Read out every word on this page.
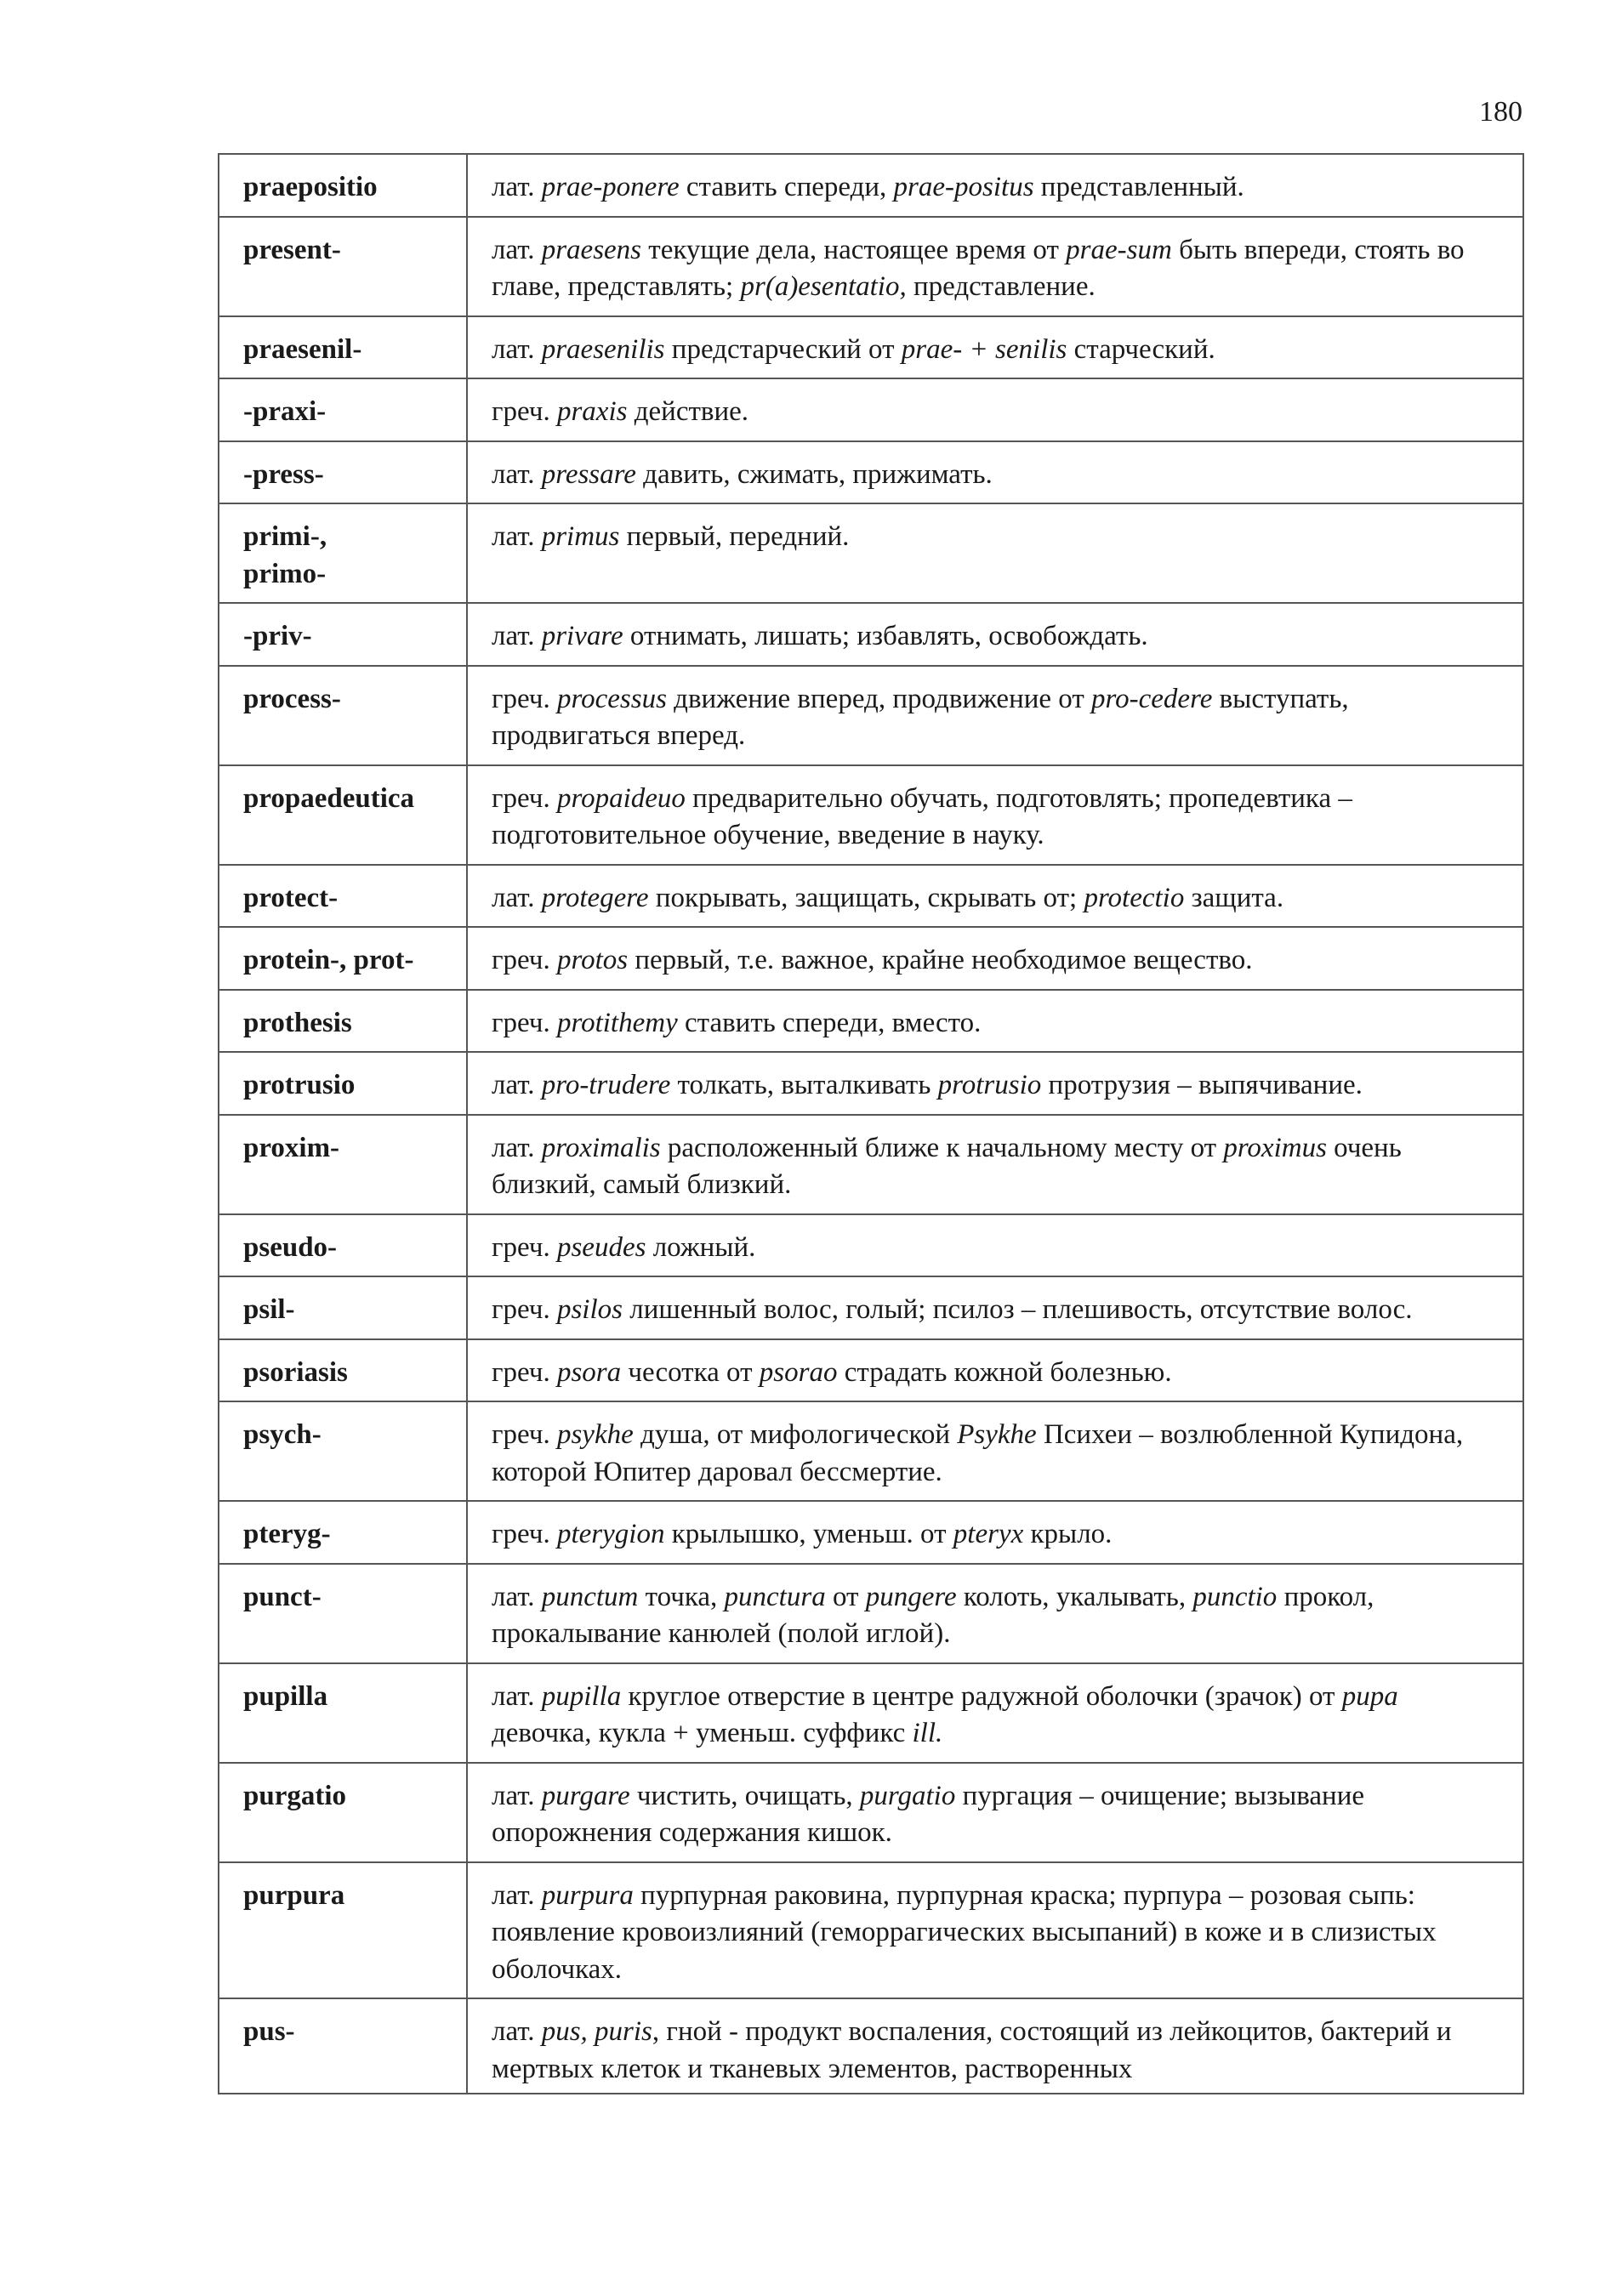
180
praepositio	лат. prae-ponere ставить спереди, prae-positus представленный.
present-	лат. praesens текущие дела, настоящее время от prae-sum быть впереди, стоять во главе, представлять; pr(a)esentatio, представление.
praesenil-	лат. praesenilis предстарческий от prae- + senilis старческий.
-praxi-	греч. praxis действие.
-press-	лат. pressare давить, сжимать, прижимать.
primi-,
primo-	лат. primus первый, передний.
-priv-	лат. privare отнимать, лишать; избавлять, освобождать.
process-	греч. processus движение вперед, продвижение от pro-cedere выступать, продвигаться вперед.
propaedeutica	греч. propaideuo предварительно обучать, подготовлять; пропедевтика – подготовительное обучение, введение в науку.
protect-	лат. protegere покрывать, защищать, скрывать от; protectio защита.
protein-, prot-	греч. protos первый, т.е. важное, крайне необходимое вещество.
prothesis	греч. protithemy ставить спереди, вместо.
protrusio	лат. pro-trudere толкать, выталкивать protrusio протрузия – выпячивание.
proxim-	лат. proximalis расположенный ближе к начальному месту от proximus очень близкий, самый близкий.
pseudo-	греч. pseudes ложный.
psil-	греч. psilos лишенный волос, голый; псилоз – плешивость, отсутствие волос.
psoriasis	греч. psora чесотка от psorao страдать кожной болезнью.
psych-	греч. psykhe душа, от мифологической Psykhe Психеи – возлюбленной Купидона, которой Юпитер даровал бессмертие.
pteryg-	греч. pterygion крылышко, уменьш. от pteryx крыло.
punct-	лат. punctum точка, punctura от pungere колоть, укалывать, punctio прокол, прокалывание канюлей (полой иглой).
pupilla	лат. pupilla круглое отверстие в центре радужной оболочки (зрачок) от pupa девочка, кукла + уменьш. суффикс ill.
purgatio	лат. purgare чистить, очищать, purgatio пургация – очищение; вызывание опорожнения содержания кишок.
purpura	лат. purpura пурпурная раковина, пурпурная краска; пурпура – розовая сыпь: появление кровоизлияний (геморрагических высыпаний) в коже и в слизистых оболочках.
pus-	лат. pus, puris, гной - продукт воспаления, состоящий из лейкоцитов, бактерий и мертвых клеток и тканевых элементов, растворенных
